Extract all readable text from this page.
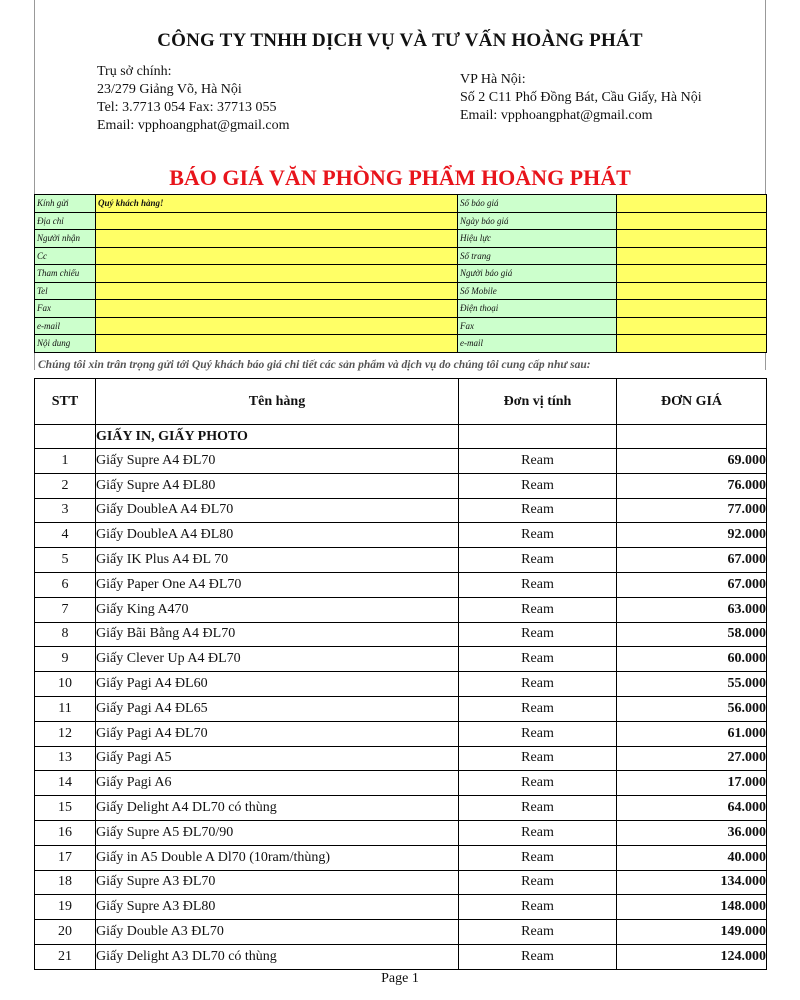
CÔNG TY TNHH DỊCH VỤ VÀ TƯ VẤN HOÀNG PHÁT
Trụ sở chính:
23/279 Giảng Võ, Hà Nội
Tel: 3.7713 054 Fax: 37713 055
Email: vpphoangphat@gmail.com
VP Hà Nội:
Số 2 C11 Phố Đồng Bát, Cầu Giấy, Hà Nội
Email: vpphoangphat@gmail.com
BÁO GIÁ VĂN PHÒNG PHẨM HOÀNG PHÁT
Kính gửi	Quý khách hàng!	Số báo giá	
Địa chỉ		Ngày báo giá	
Người nhận		Hiệu lực	
Cc		Số trang	
Tham chiếu		Người báo giá	
Tel		Số Mobile	
Fax		Điện thoại	
e-mail		Fax	
Nội dung		e-mail	
Chúng tôi xin trân trọng gửi tới Quý khách báo giá chi tiết các sản phẩm và dịch vụ do chúng tôi cung cấp như sau:
STT	Tên hàng	Đơn vị tính	ĐƠN GIÁ
	GIẤY IN, GIẤY PHOTO		
1	Giấy Supre A4 ĐL70	Ream	69.000
2	Giấy Supre A4 ĐL80	Ream	76.000
3	Giấy DoubleA A4 ĐL70	Ream	77.000
4	Giấy DoubleA A4 ĐL80	Ream	92.000
5	Giấy IK Plus A4 ĐL 70	Ream	67.000
6	Giấy Paper One A4 ĐL70	Ream	67.000
7	Giấy King A470	Ream	63.000
8	Giấy Bãi Bằng A4 ĐL70	Ream	58.000
9	Giấy Clever Up A4 ĐL70	Ream	60.000
10	Giấy Pagi A4 ĐL60	Ream	55.000
11	Giấy Pagi A4 ĐL65	Ream	56.000
12	Giấy Pagi A4 ĐL70	Ream	61.000
13	Giấy Pagi A5	Ream	27.000
14	Giấy Pagi A6	Ream	17.000
15	Giấy Delight A4 DL70 có thùng	Ream	64.000
16	Giấy Supre A5 ĐL70/90	Ream	36.000
17	Giấy in A5 Double A Dl70 (10ram/thùng)	Ream	40.000
18	Giấy Supre A3 ĐL70	Ream	134.000
19	Giấy Supre A3 ĐL80	Ream	148.000
20	Giấy Double A3 ĐL70	Ream	149.000
21	Giấy Delight A3 DL70 có thùng	Ream	124.000
Page 1
